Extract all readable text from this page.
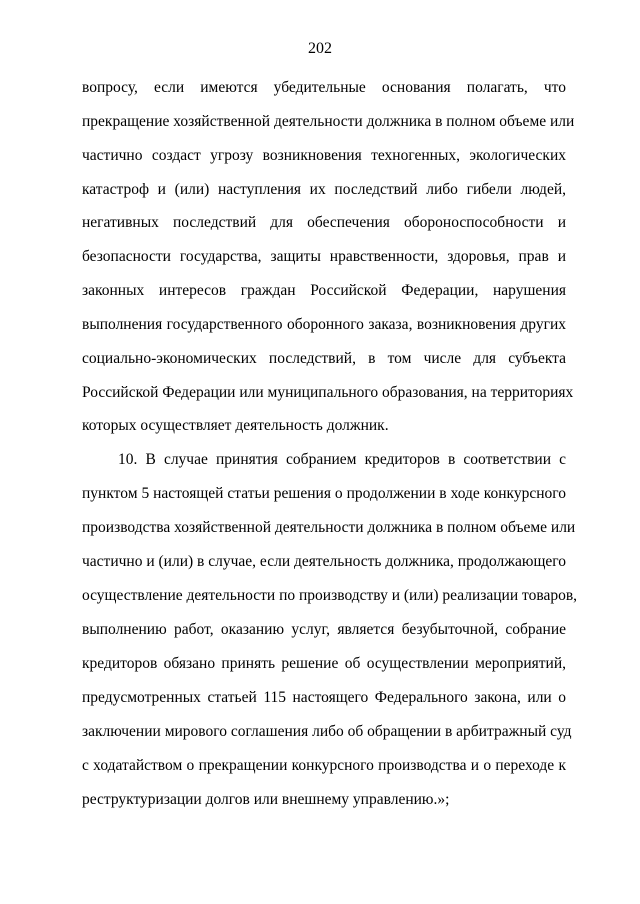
202
вопросу, если имеются убедительные основания полагать, что
прекращение хозяйственной деятельности должника в полном объеме или
частично создаст угрозу возникновения техногенных, экологических
катастроф и (или) наступления их последствий либо гибели людей,
негативных последствий для обеспечения обороноспособности и
безопасности государства, защиты нравственности, здоровья, прав и
законных интересов граждан Российской Федерации, нарушения
выполнения государственного оборонного заказа, возникновения других
социально-экономических последствий, в том числе для субъекта
Российской Федерации или муниципального образования, на территориях
которых осуществляет деятельность должник.
10. В случае принятия собранием кредиторов в соответствии с
пунктом 5 настоящей статьи решения о продолжении в ходе конкурсного
производства хозяйственной деятельности должника в полном объеме или
частично и (или) в случае, если деятельность должника, продолжающего
осуществление деятельности по производству и (или) реализации товаров,
выполнению работ, оказанию услуг, является безубыточной, собрание
кредиторов обязано принять решение об осуществлении мероприятий,
предусмотренных статьей 115 настоящего Федерального закона, или о
заключении мирового соглашения либо об обращении в арбитражный суд
с ходатайством о прекращении конкурсного производства и о переходе к
реструктуризации долгов или внешнему управлению.»;
